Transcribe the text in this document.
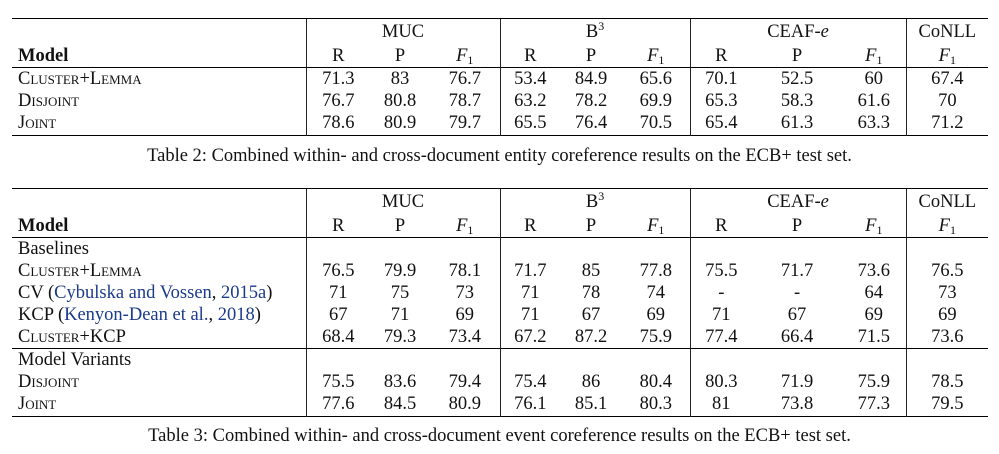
	MUC			$B^3$			CEAF-e			CoNLL
Model	R	P	$F_1$	R	P	$F_1$	R	P	$F_1$	$F_1$
Cluster+Lemma	71.3	83	76.7	53.4	84.9	65.6	70.1	52.5	60	67.4
Disjoint	76.7	80.8	78.7	63.2	78.2	69.9	65.3	58.3	61.6	70
Joint	78.6	80.9	79.7	65.5	76.4	70.5	65.4	61.3	63.3	71.2
Table 2: Combined within- and cross-document entity coreference results on the ECB+ test set.
	MUC			$B^3$			CEAF-e			CoNLL
Model	R	P	$F_1$	R	P	$F_1$	R	P	$F_1$	$F_1$
Baselines										
Cluster+Lemma	76.5	79.9	78.1	71.7	85	77.8	75.5	71.7	73.6	76.5
CV (Cybulska and Vossen, 2015a)	71	75	73	71	78	74	-	-	64	73
KCP (Kenyon-Dean et al., 2018)	67	71	69	71	67	69	71	67	69	69
Cluster+KCP	68.4	79.3	73.4	67.2	87.2	75.9	77.4	66.4	71.5	73.6
Model Variants										
Disjoint	75.5	83.6	79.4	75.4	86	80.4	80.3	71.9	75.9	78.5
Joint	77.6	84.5	80.9	76.1	85.1	80.3	81	73.8	77.3	79.5
Table 3: Combined within- and cross-document event coreference results on the ECB+ test set.
